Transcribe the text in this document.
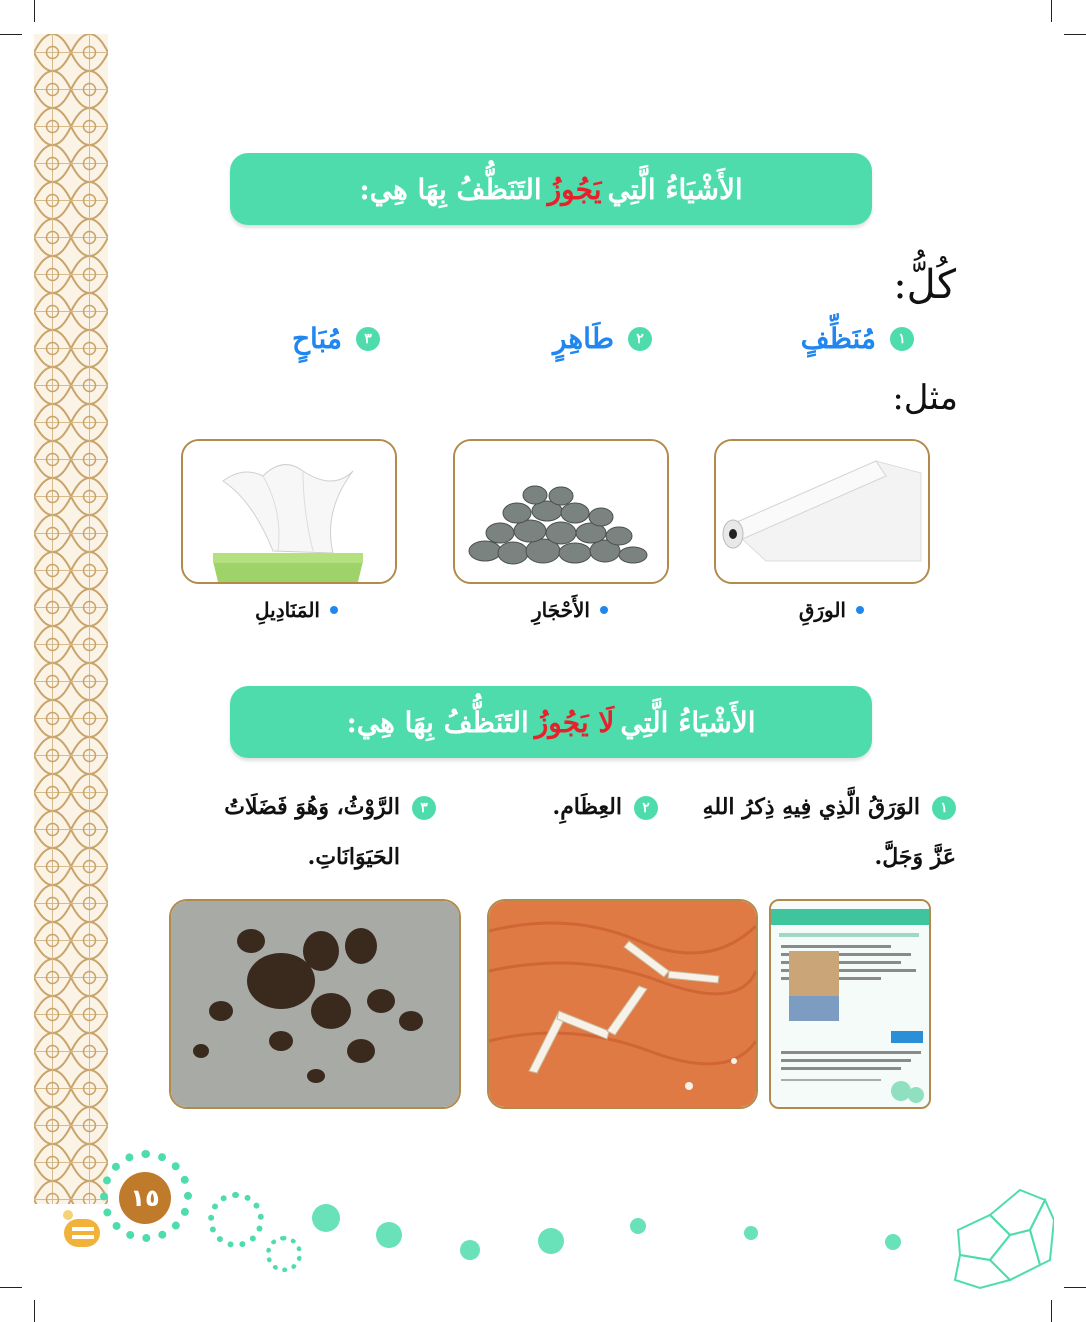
الأَشْيَاءُ الَّتِي
يَجُوزُ
التَنَظُّفُ بِهَا هِي:
كُلُّ:
١
مُنَظِّفٍ
٢
طَاهِرٍ
٣
مُبَاحٍ
مثل:
الورَقِ
الأَحْجَارِ
المَنَادِيلِ
الأَشْيَاءُ الَّتِي
لَا يَجُوزُ
التَنَظُّفُ بِهَا هِي:
١الوَرَقُ الَّذِي فِيهِ ذِكرُ اللهِ
عَزَّ وَجَلَّ.
٢العِظَامِ.
٣الرَّوْثُ، وَهُوَ فَضَلَاتُ
الحَيَوَانَاتِ.
١٥
